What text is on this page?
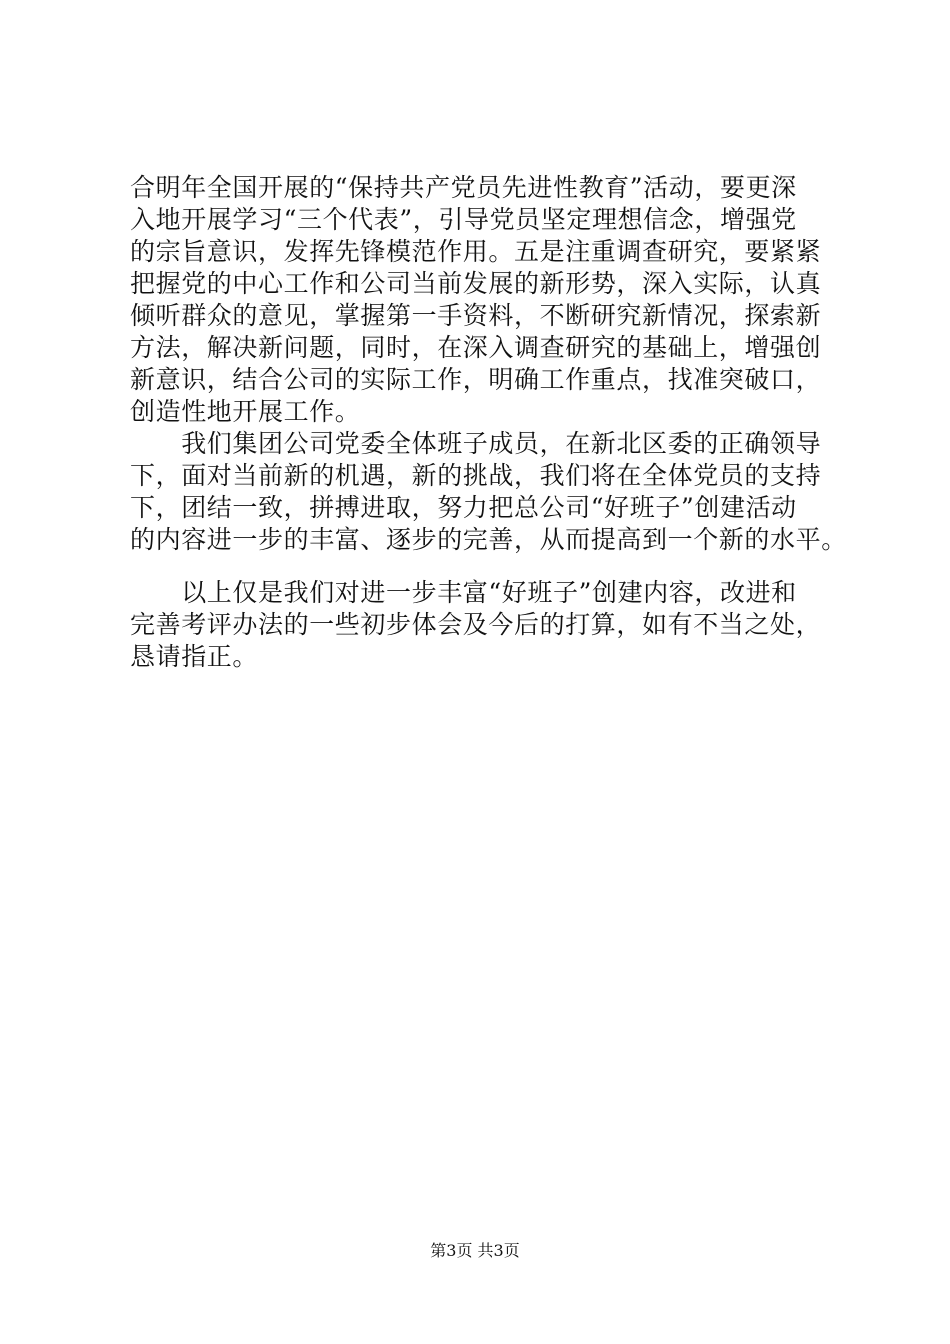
合明年全国开展的“保持共产党员先进性教育”活动，要更深
入地开展学习“三个代表”，引导党员坚定理想信念，增强党
的宗旨意识，发挥先锋模范作用。五是注重调查研究，要紧紧
把握党的中心工作和公司当前发展的新形势，深入实际，认真
倾听群众的意见，掌握第一手资料，不断研究新情况，探索新
方法，解决新问题，同时，在深入调查研究的基础上，增强创
新意识，结合公司的实际工作，明确工作重点，找准突破口，
创造性地开展工作。
　　我们集团公司党委全体班子成员，在新北区委的正确领导
下，面对当前新的机遇，新的挑战，我们将在全体党员的支持
下，团结一致，拼搏进取，努力把总公司“好班子”创建活动
的内容进一步的丰富、逐步的完善，从而提高到一个新的水平。
　　以上仅是我们对进一步丰富“好班子”创建内容，改进和
完善考评办法的一些初步体会及今后的打算，如有不当之处，
恳请指正。
第3页 共3页
